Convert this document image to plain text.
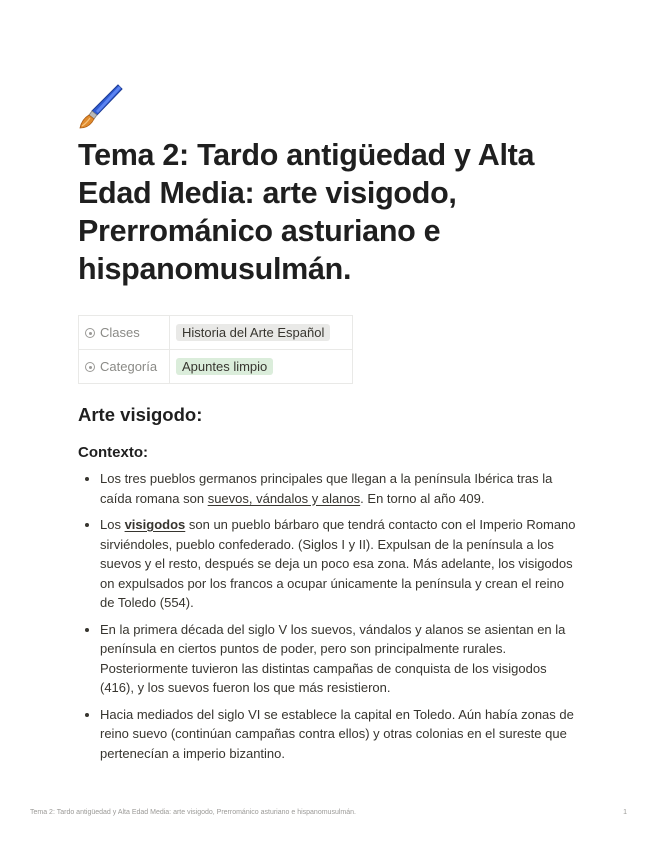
Tema 2: Tardo antigüedad y Alta Edad Media: arte visigodo, Prerrománico asturiano e hispanomusulmán.
Clases	Historia del Arte Español
Categoría	Apuntes limpio
Arte visigodo:
Contexto:
• Los tres pueblos germanos principales que llegan a la península Ibérica tras la caída romana son suevos, vándalos y alanos. En torno al año 409.
• Los visigodos son un pueblo bárbaro que tendrá contacto con el Imperio Romano sirviéndoles, pueblo confederado. (Siglos I y II). Expulsan de la península a los suevos y el resto, después se deja un poco esa zona. Más adelante, los visigodos on expulsados por los francos a ocupar únicamente la península y crean el reino de Toledo (554).
• En la primera década del siglo V los suevos, vándalos y alanos se asientan en la península en ciertos puntos de poder, pero son principalmente rurales. Posteriormente tuvieron las distintas campañas de conquista de los visigodos (416), y los suevos fueron los que más resistieron.
• Hacia mediados del siglo VI se establece la capital en Toledo. Aún había zonas de reino suevo (continúan campañas contra ellos) y otras colonias en el sureste que pertenecían a imperio bizantino.
Tema 2: Tardo antigüedad y Alta Edad Media: arte visigodo, Prerrománico asturiano e hispanomusulmán.	1
